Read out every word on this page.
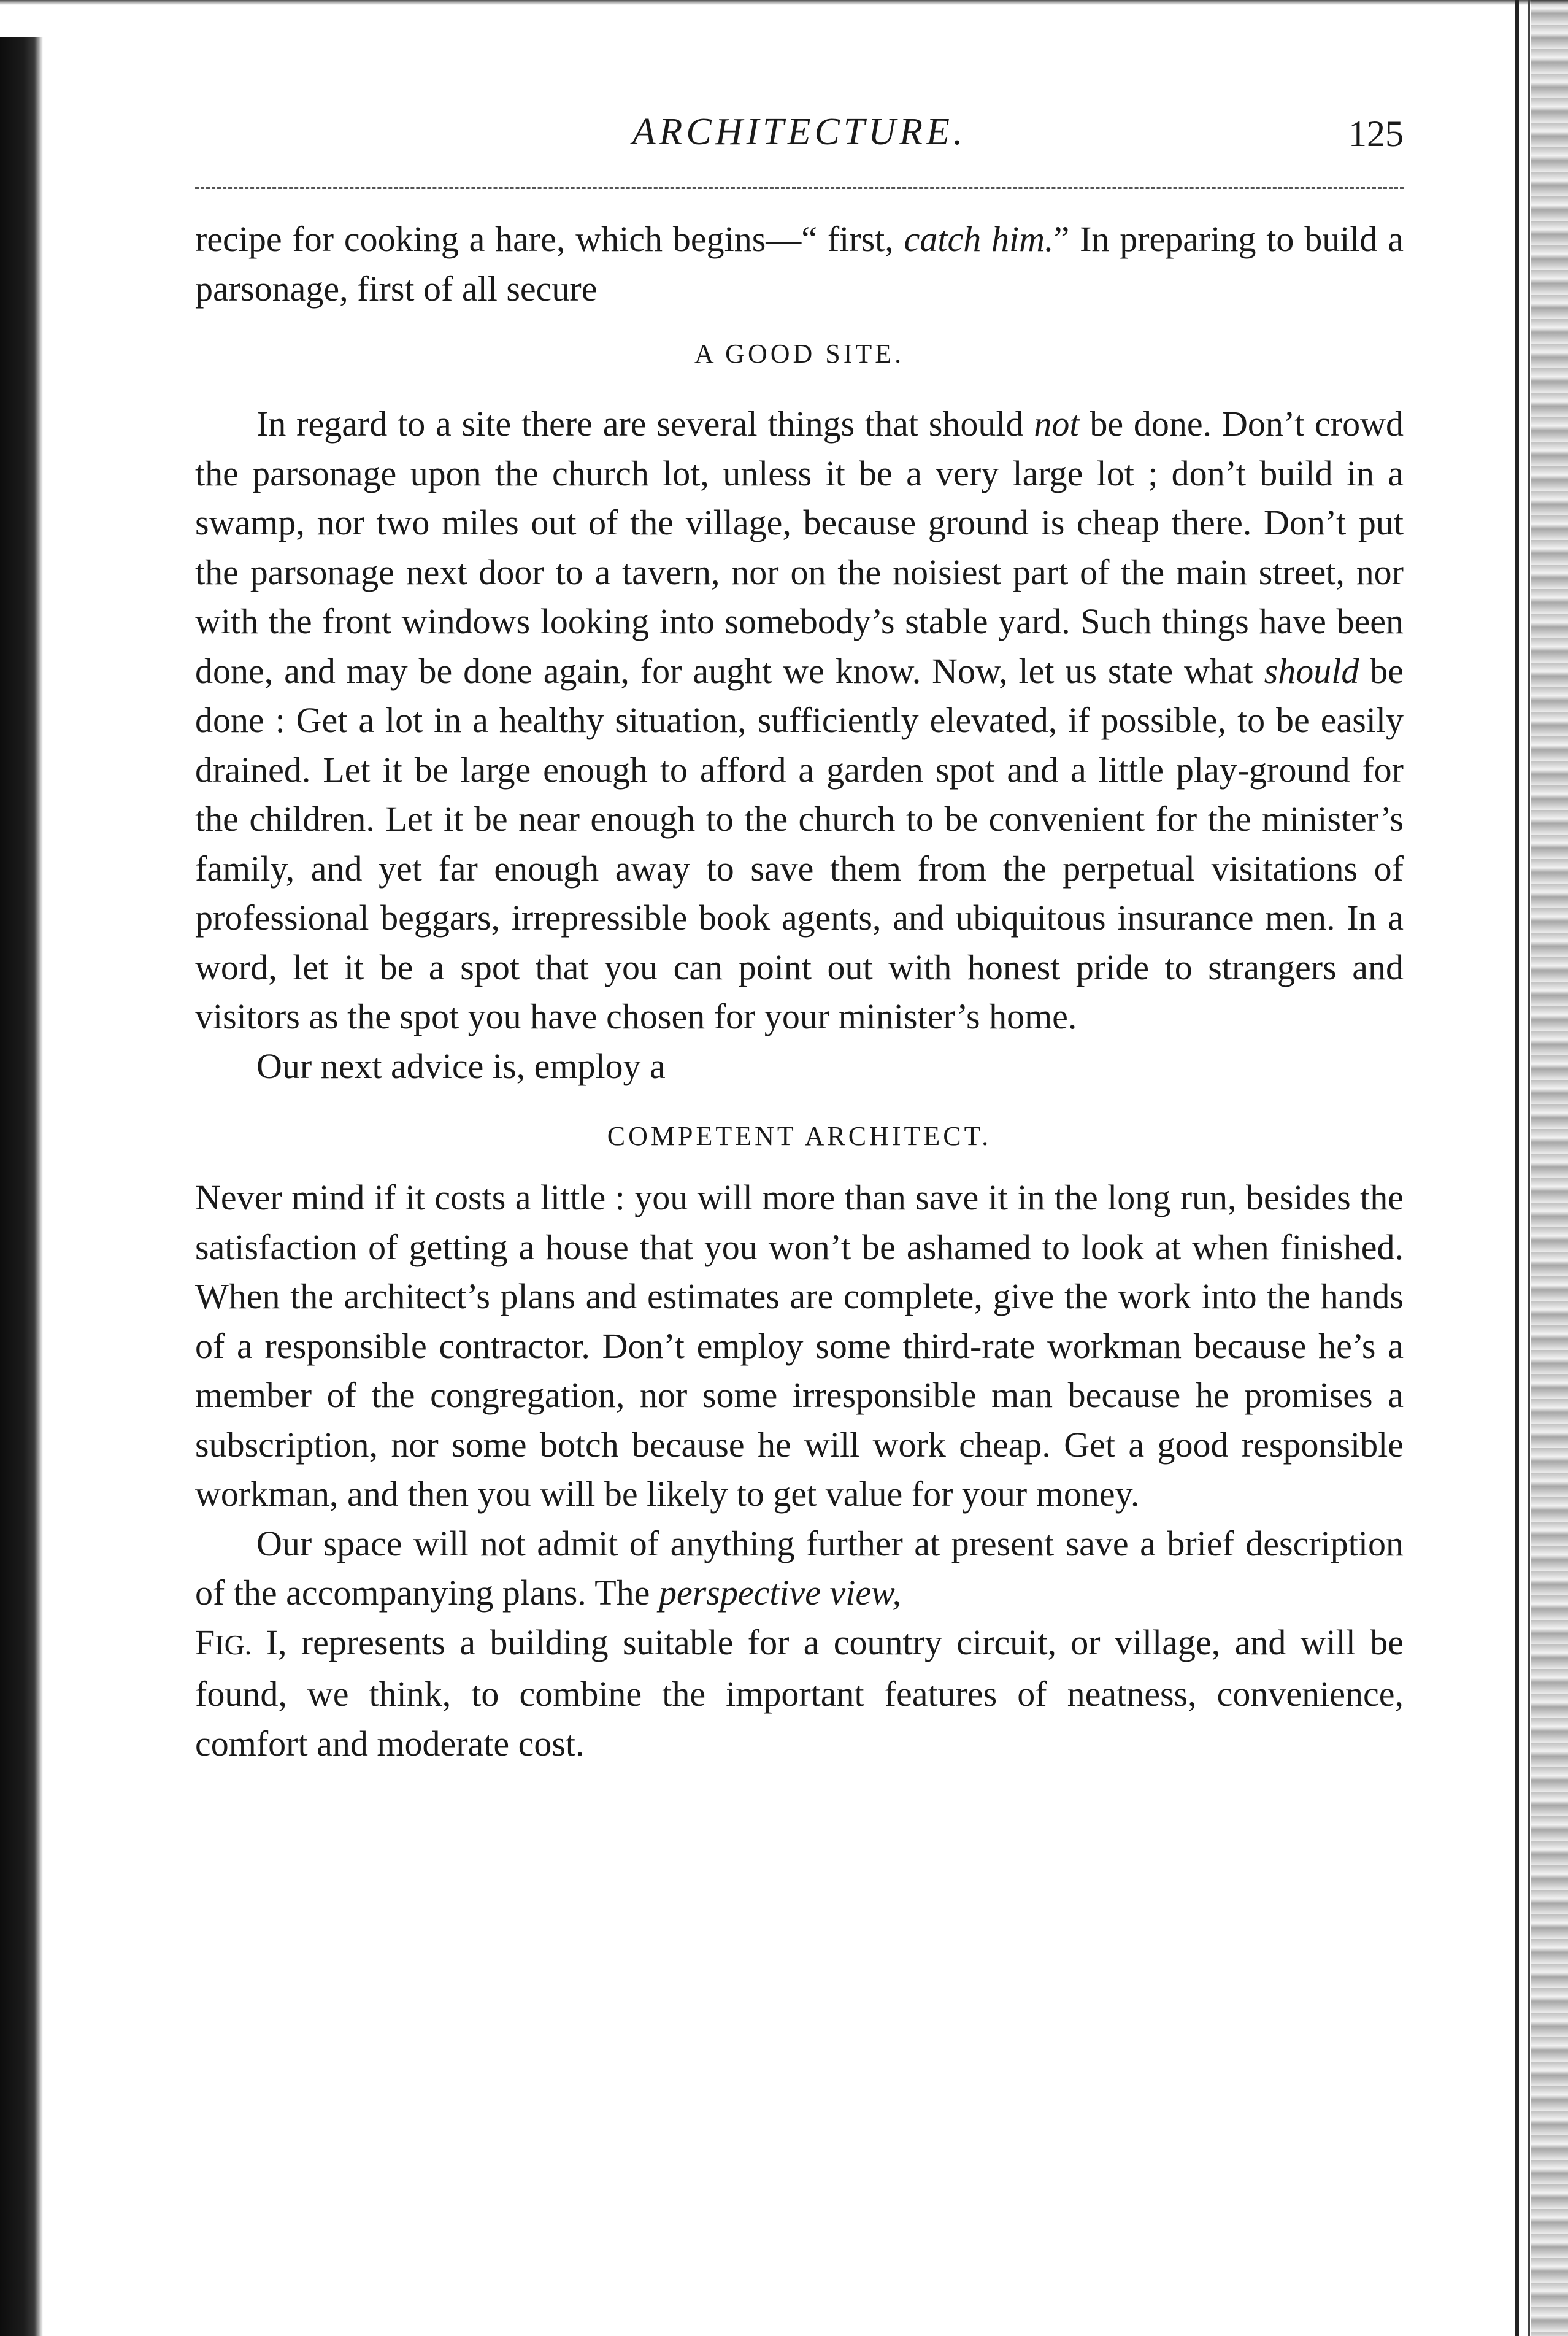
ARCHITECTURE.	125

recipe for cooking a hare, which begins—“ first, catch him.” In preparing to build a parsonage, first of all secure

A GOOD SITE.

In regard to a site there are several things that should not be done. Don’t crowd the parsonage upon the church lot, unless it be a very large lot ; don’t build in a swamp, nor two miles out of the village, because ground is cheap there. Don’t put the parsonage next door to a tavern, nor on the noisiest part of the main street, nor with the front windows looking into somebody’s stable yard. Such things have been done, and may be done again, for aught we know. Now, let us state what should be done : Get a lot in a healthy situation, sufficiently elevated, if possible, to be easily drained. Let it be large enough to afford a garden spot and a little play-ground for the children. Let it be near enough to the church to be convenient for the minister’s family, and yet far enough away to save them from the perpetual visitations of professional beggars, irrepressible book agents, and ubiquitous insurance men. In a word, let it be a spot that you can point out with honest pride to strangers and visitors as the spot you have chosen for your minister’s home.

Our next advice is, employ a

COMPETENT ARCHITECT.

Never mind if it costs a little : you will more than save it in the long run, besides the satisfaction of getting a house that you won’t be ashamed to look at when finished. When the architect’s plans and estimates are complete, give the work into the hands of a responsible contractor. Don’t employ some third-rate workman because he’s a member of the congregation, nor some irresponsible man because he promises a subscription, nor some botch because he will work cheap. Get a good responsible workman, and then you will be likely to get value for your money.

Our space will not admit of anything further at present save a brief description of the accompanying plans. The perspective view,
FIG. I, represents a building suitable for a country circuit, or village, and will be found, we think, to combine the important features of neatness, convenience, comfort and moderate cost.
